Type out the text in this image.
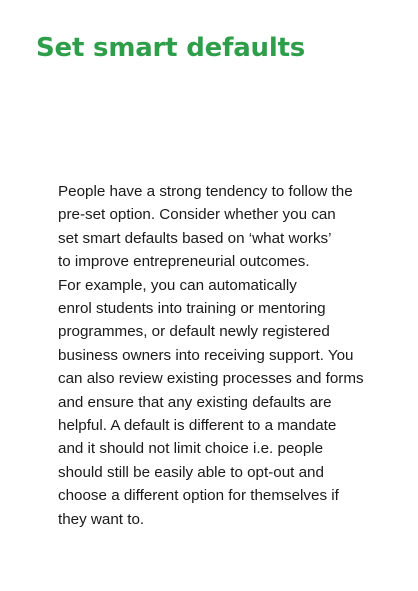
Set smart defaults
People have a strong tendency to follow the
pre-set option. Consider whether you can
set smart defaults based on ‘what works’
to improve entrepreneurial outcomes.
For example, you can automatically
enrol students into training or mentoring
programmes, or default newly registered
business owners into receiving support. You
can also review existing processes and forms
and ensure that any existing defaults are
helpful. A default is different to a mandate
and it should not limit choice i.e. people
should still be easily able to opt-out and
choose a different option for themselves if
they want to.
